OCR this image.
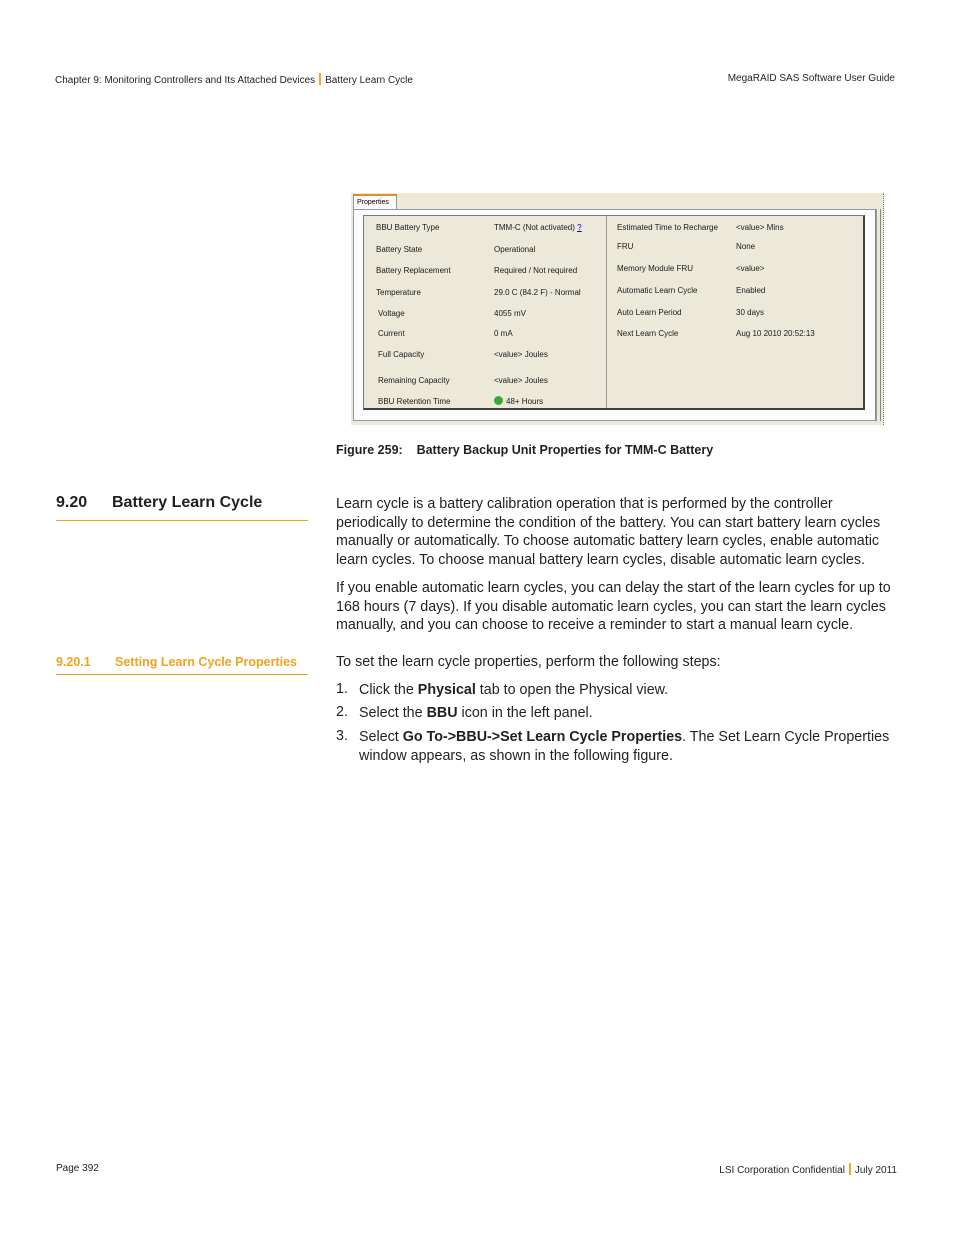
Chapter 9: Monitoring Controllers and Its Attached Devices Battery Learn Cycle	MegaRAID SAS Software User Guide
Properties
BBU Battery Type	TMM-C (Not activated) ?
Battery State	Operational
Battery Replacement	Required / Not required
Temperature	29.0 C (84.2 F) - Normal
Voltage	4055 mV
Current	0 mA
Full Capacity	<value> Joules
Remaining Capacity	<value> Joules
BBU Retention Time	48+ Hours
Estimated Time to Recharge <value> Mins
FRU	None
Memory Module FRU	<value>
Automatic Learn Cycle	Enabled
Auto Learn Period	30 days
Next Learn Cycle	Aug 10 2010 20:52:13
Figure 259:    Battery Backup Unit Properties for TMM-C Battery
9.20 Battery Learn Cycle	Learn cycle is a battery calibration operation that is performed by the controller periodically to determine the condition of the battery. You can start battery learn cycles manually or automatically. To choose automatic battery learn cycles, enable automatic learn cycles. To choose manual battery learn cycles, disable automatic learn cycles.
If you enable automatic learn cycles, you can delay the start of the learn cycles for up to 168 hours (7 days). If you disable automatic learn cycles, you can start the learn cycles manually, and you can choose to receive a reminder to start a manual learn cycle.
9.20.1 Setting Learn Cycle Properties	To set the learn cycle properties, perform the following steps:
1. Click the Physical tab to open the Physical view.
2. Select the BBU icon in the left panel.
3. Select Go To->BBU->Set Learn Cycle Properties. The Set Learn Cycle Properties window appears, as shown in the following figure.
Page 392	LSI Corporation Confidential July 2011
